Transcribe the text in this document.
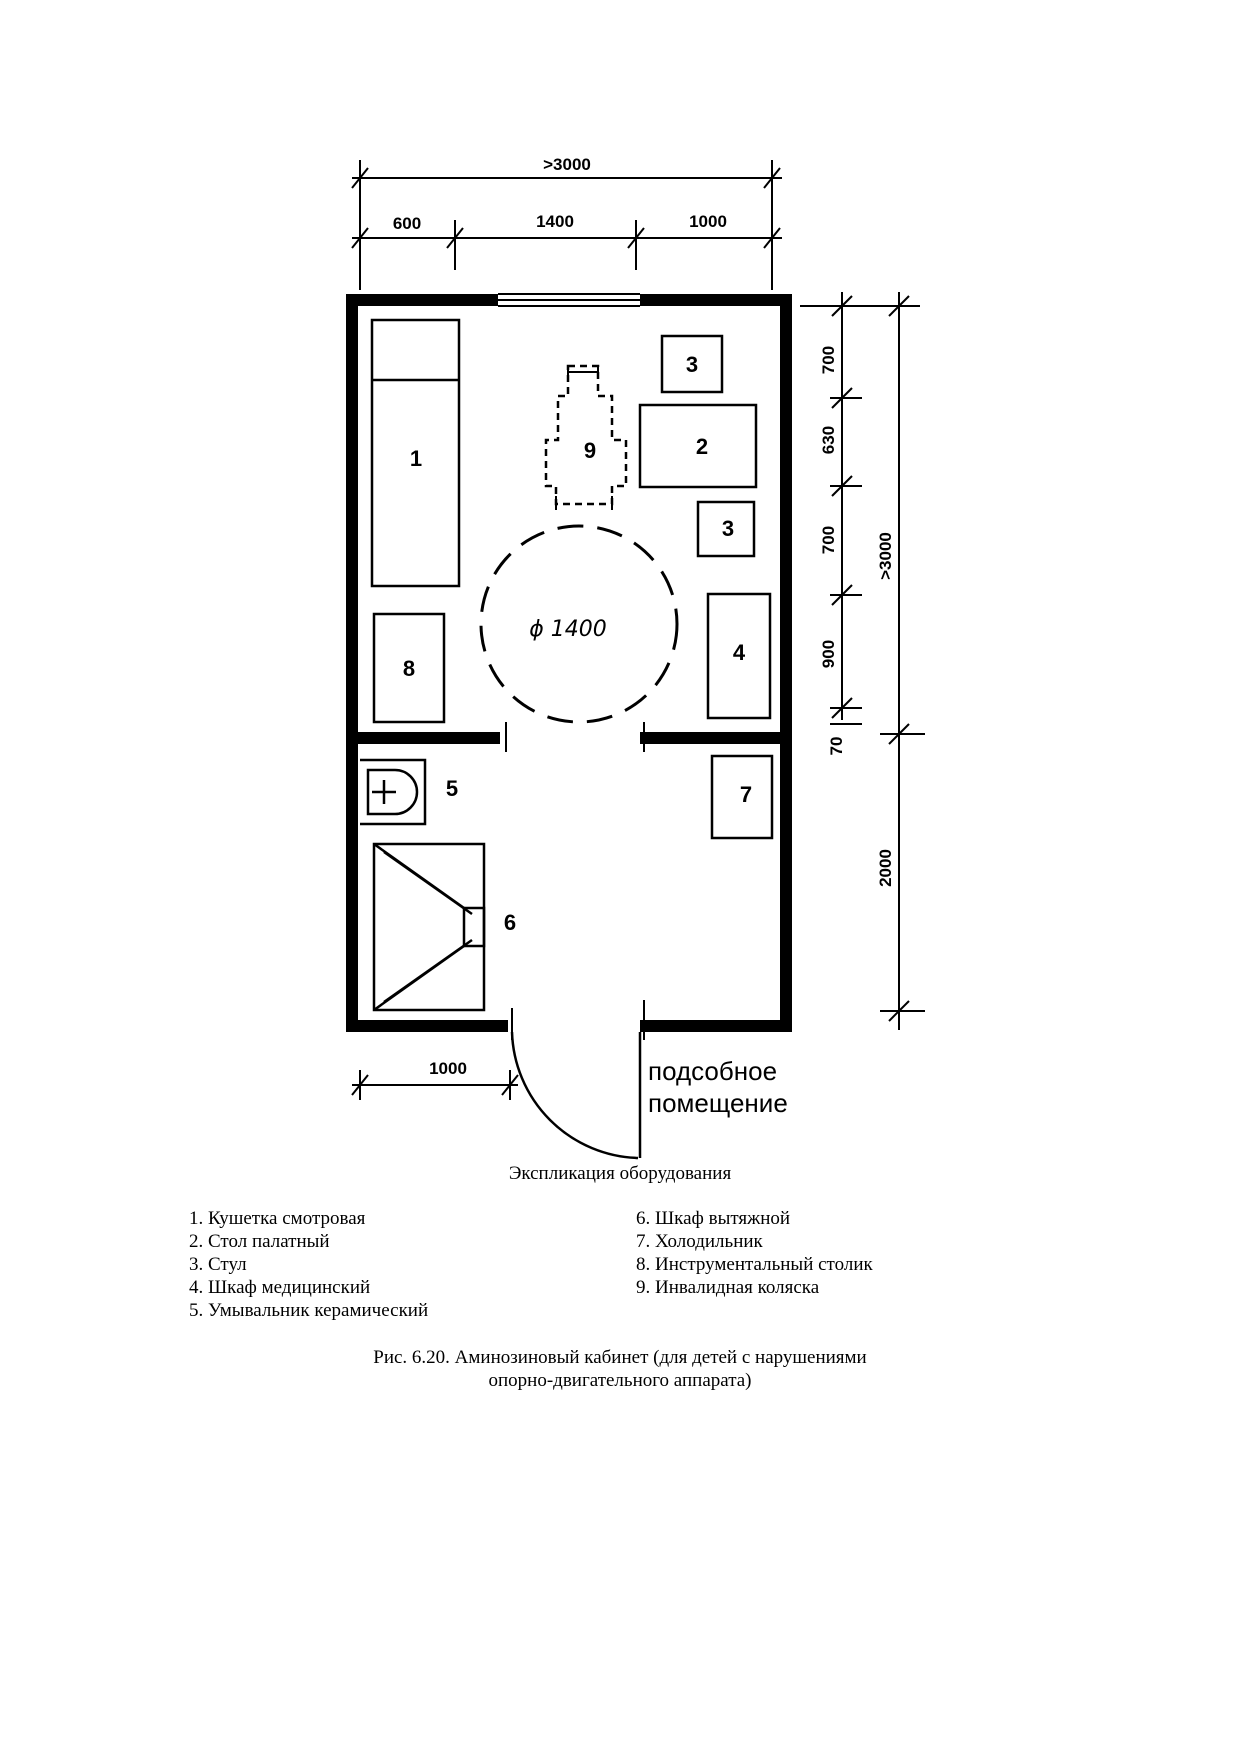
>3000
600	1400	1000
700
630
700
900
70
>3000
2000
1000
1
8
3
2
3
4
7
5
6
9
ϕ 1400
подсобное
помещение
Экспликация оборудования
1. Кушетка смотровая
2. Стол палатный
3. Стул
4. Шкаф медицинский
5. Умывальник керамический
6. Шкаф вытяжной
7. Холодильник
8. Инструментальный столик
9. Инвалидная коляска
Рис. 6.20. Аминозиновый кабинет (для детей с нарушениями
опорно-двигательного аппарата)
